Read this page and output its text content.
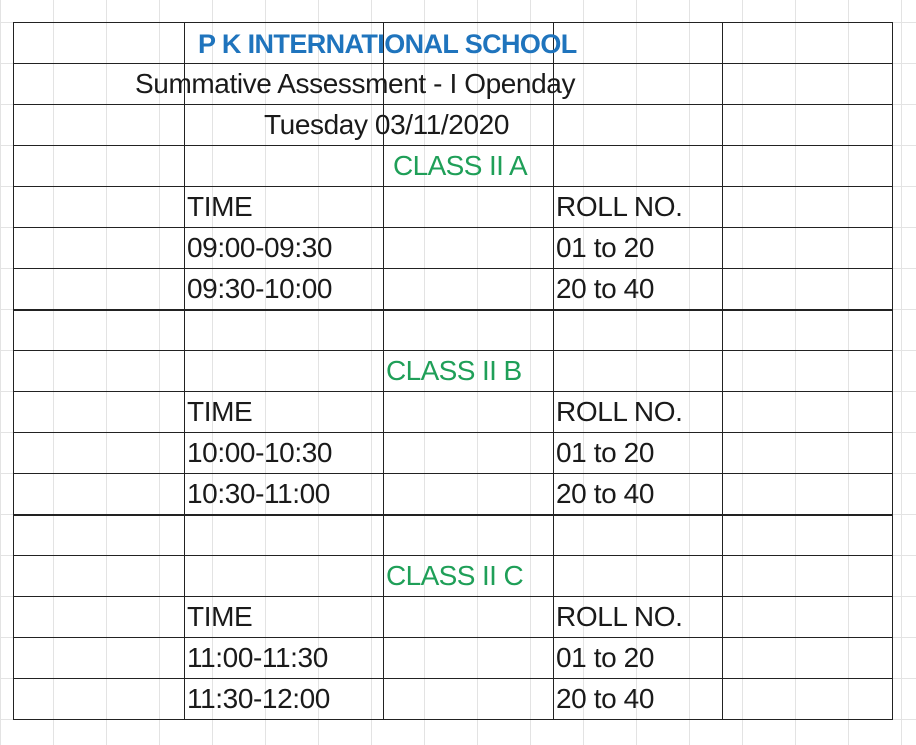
P K INTERNATIONAL SCHOOL
Summative Assessment - I Openday
Tuesday 03/11/2020
CLASS II A
TIME	ROLL NO.
09:00-09:30	01 to 20
09:30-10:00	20 to 40
CLASS II B
TIME	ROLL NO.
10:00-10:30	01 to 20
10:30-11:00	20 to 40
CLASS II C
TIME	ROLL NO.
11:00-11:30	01 to 20
11:30-12:00	20 to 40
